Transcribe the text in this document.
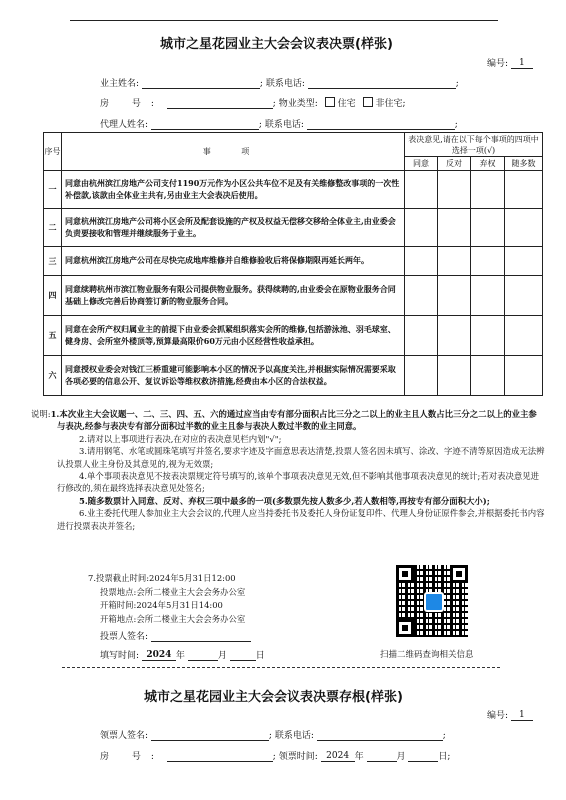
城市之星花园业主大会会议表决票(样张)
编号: 1
业主姓名:	; 联系电话:	;
房 号:	; 物业类型: 住宅 非住宅;
代理人姓名:	; 联系电话:	;
序号	事 项	表决意见,请在以下每个事项的四项中选择一项(√)			
		同意	反对	弃权	随多数
一	同意由杭州滨江房地产公司支付1190万元作为小区公共车位不足及有关维修整改事项的一次性补偿款,该款由全体业主共有,另由业主大会表决后使用。				
二	同意杭州滨江房地产公司将小区会所及配套设施的产权及权益无偿移交移给全体业主,由业委会负责要接收和管理并继续服务于业主。				
三	同意杭州滨江房地产公司在尽快完成地库维修并自维修验收后将保修期限再延长两年。				
四	同意续聘杭州市滨江物业服务有限公司提供物业服务。获得续聘的,由业委会在原物业服务合同基础上修改完善后协商签订新的物业服务合同。				
五	同意在会所产权归属业主的前提下由业委会抓紧组织落实会所的维修,包括游泳池、羽毛球室、健身房、会所室外楼顶等,预算最高限价60万元由小区经营性收益承担。				
六	同意授权业委会对钱江三桥重建可能影响本小区的情况予以高度关注,并根据实际情况需要采取各项必要的信息公开、复议诉讼等维权救济措施,经费由本小区的合法权益。				

说明:1.本次业主大会议题一、二、三、四、五、六的通过应当由专有部分面积占比三分之二以上的业主且人数占比三分之二以上的业主参与表决,经参与表决专有部分面积过半数的业主且参与表决人数过半数的业主同意。

2.请对以上事项进行表决,在对应的表决意见栏内划"√";

3.请用钢笔、水笔或圆珠笔填写并签名,要求字迹及字面意思表达清楚,投票人签名因未填写、涂改、字迹不清等原因造成无法辨认投票人业主身份及其意见的,视为无效票;

4.单个事项表决意见不按表决票规定符号填写的,该单个事项表决意见无效,但不影响其他事项表决意见的统计;若对表决意见进行修改的,须在最终选择表决意见处签名;

5.随多数票计入同意、反对、弃权三项中最多的一项(多数票先按人数多少,若人数相等,再按专有部分面积大小);

6.业主委托代理人参加业主大会会议的,代理人应当持委托书及委托人身份证复印件、代理人身份证原件参会,并根据委托书内容进行投票表决并签名;

7.投票截止时间:2024年5月31日12:00
投票地点:会所二楼业主大会会务办公室
开箱时间:2024年5月31日14:00
开箱地点:会所二楼业主大会会务办公室
投票人签名:
填写时间: 2024 年	月	日	扫描二维码查询相关信息
城市之星花园业主大会会议表决票存根(样张)
编号: 1
领票人签名:	; 联系电话:	;
房 号:	; 领票时间: 2024 年	月	日;
